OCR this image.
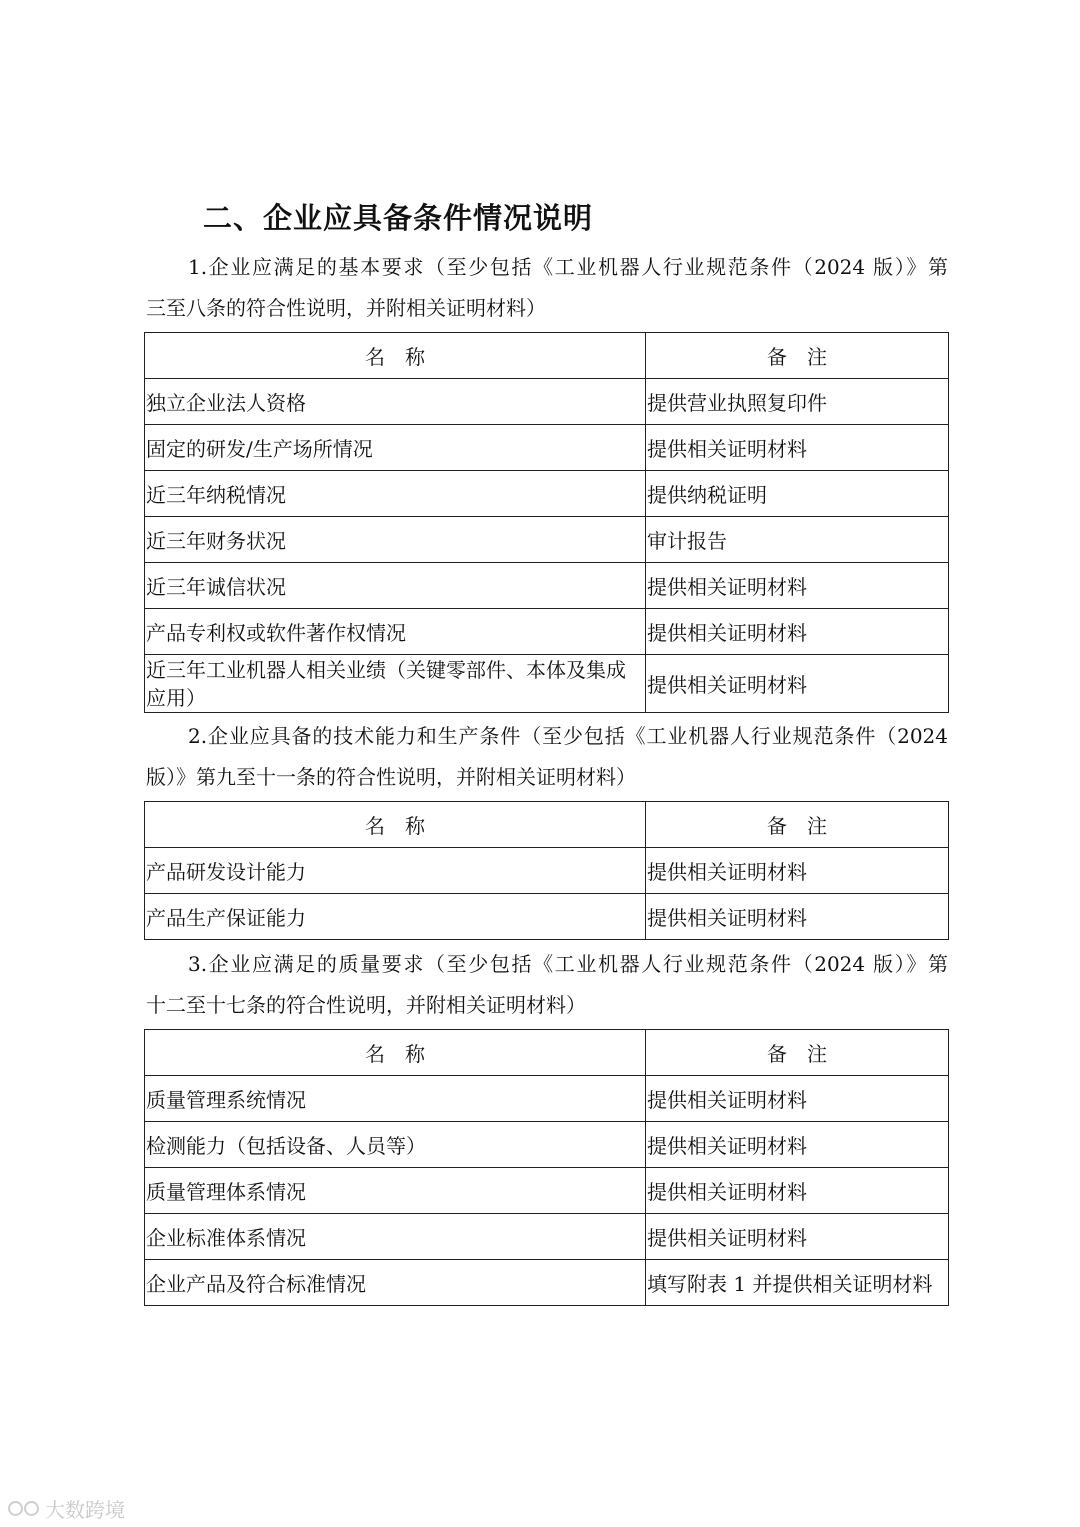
二、企业应具备条件情况说明
1.企业应满足的基本要求（至少包括《工业机器人行业规范条件（2024 版）》第
三至八条的符合性说明，并附相关证明材料）
名　称	备　注
独立企业法人资格	提供营业执照复印件
固定的研发/生产场所情况	提供相关证明材料
近三年纳税情况	提供纳税证明
近三年财务状况	审计报告
近三年诚信状况	提供相关证明材料
产品专利权或软件著作权情况	提供相关证明材料
近三年工业机器人相关业绩（关键零部件、本体及集成应用）	提供相关证明材料
2.企业应具备的技术能力和生产条件（至少包括《工业机器人行业规范条件（2024
版）》第九至十一条的符合性说明，并附相关证明材料）
名　称	备　注
产品研发设计能力	提供相关证明材料
产品生产保证能力	提供相关证明材料
3.企业应满足的质量要求（至少包括《工业机器人行业规范条件（2024 版）》第
十二至十七条的符合性说明，并附相关证明材料）
名　称	备　注
质量管理系统情况	提供相关证明材料
检测能力（包括设备、人员等）	提供相关证明材料
质量管理体系情况	提供相关证明材料
企业标准体系情况	提供相关证明材料
企业产品及符合标准情况	填写附表 1 并提供相关证明材料
大数跨境
